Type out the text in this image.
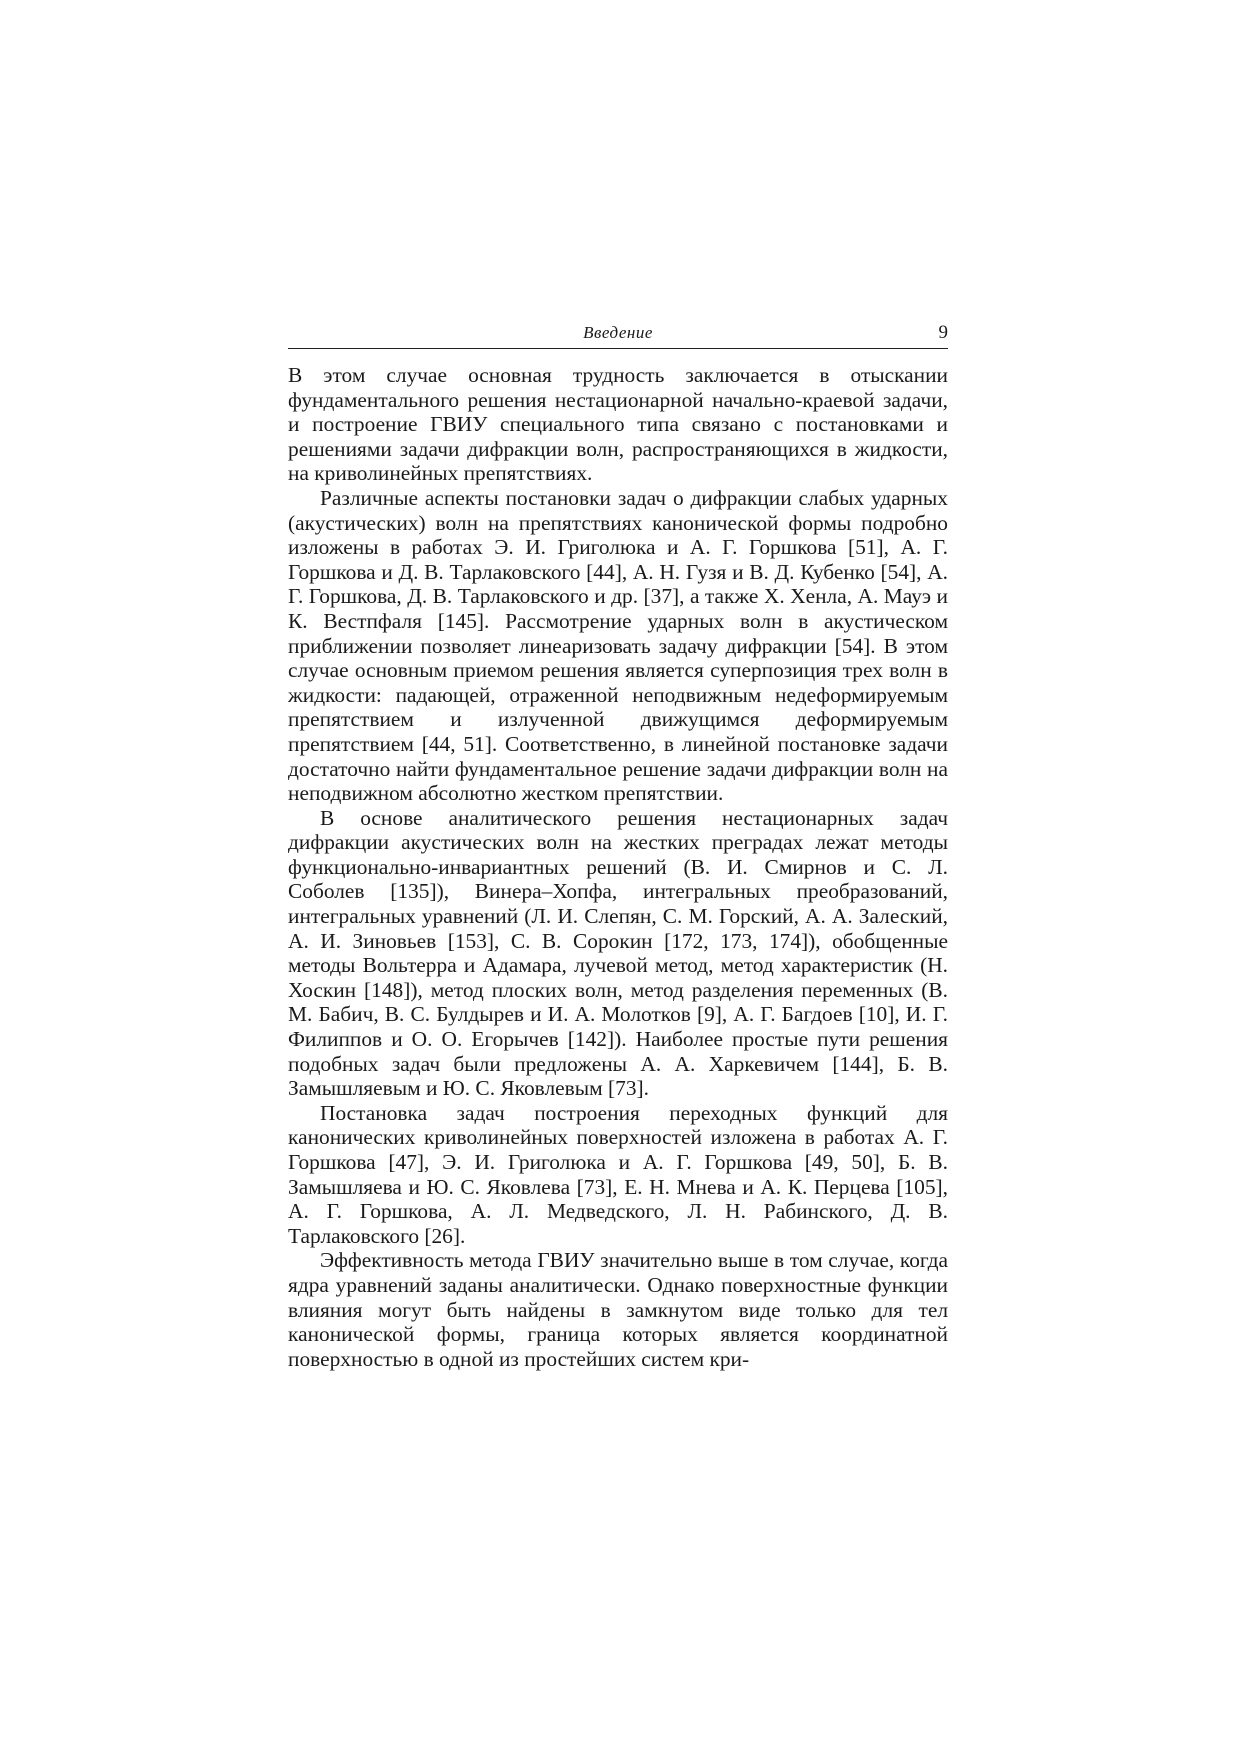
Введение	9

В этом случае основная трудность заключается в отыскании фундаментального решения нестационарной начально-краевой задачи, и построение ГВИУ специального типа связано с постановками и решениями задачи дифракции волн, распространяющихся в жидкости, на криволинейных препятствиях.

Различные аспекты постановки задач о дифракции слабых ударных (акустических) волн на препятствиях канонической формы подробно изложены в работах Э. И. Григолюка и А. Г. Горшкова [51], А. Г. Горшкова и Д. В. Тарлаковского [44], А. Н. Гузя и В. Д. Кубенко [54], А. Г. Горшкова, Д. В. Тарлаковского и др. [37], а также Х. Хенла, А. Мауэ и К. Вестпфаля [145]. Рассмотрение ударных волн в акустическом приближении позволяет линеаризовать задачу дифракции [54]. В этом случае основным приемом решения является суперпозиция трех волн в жидкости: падающей, отраженной неподвижным недеформируемым препятствием и излученной движущимся деформируемым препятствием [44, 51]. Соответственно, в линейной постановке задачи достаточно найти фундаментальное решение задачи дифракции волн на неподвижном абсолютно жестком препятствии.

В основе аналитического решения нестационарных задач дифракции акустических волн на жестких преградах лежат методы функционально-инвариантных решений (В. И. Смирнов и С. Л. Соболев [135]), Винера–Хопфа, интегральных преобразований, интегральных уравнений (Л. И. Слепян, С. М. Горский, А. А. Залеский, А. И. Зиновьев [153], С. В. Сорокин [172, 173, 174]), обобщенные методы Вольтерра и Адамара, лучевой метод, метод характеристик (Н. Хоскин [148]), метод плоских волн, метод разделения переменных (В. М. Бабич, В. С. Булдырев и И. А. Молотков [9], А. Г. Багдоев [10], И. Г. Филиппов и О. О. Егорычев [142]). Наиболее простые пути решения подобных задач были предложены А. А. Харкевичем [144], Б. В. Замышляевым и Ю. С. Яковлевым [73].

Постановка задач построения переходных функций для канонических криволинейных поверхностей изложена в работах А. Г. Горшкова [47], Э. И. Григолюка и А. Г. Горшкова [49, 50], Б. В. Замышляева и Ю. С. Яковлева [73], Е. Н. Мнева и А. К. Перцева [105], А. Г. Горшкова, А. Л. Медведского, Л. Н. Рабинского, Д. В. Тарлаковского [26].

Эффективность метода ГВИУ значительно выше в том случае, когда ядра уравнений заданы аналитически. Однако поверхностные функции влияния могут быть найдены в замкнутом виде только для тел канонической формы, граница которых является координатной поверхностью в одной из простейших систем кри-
